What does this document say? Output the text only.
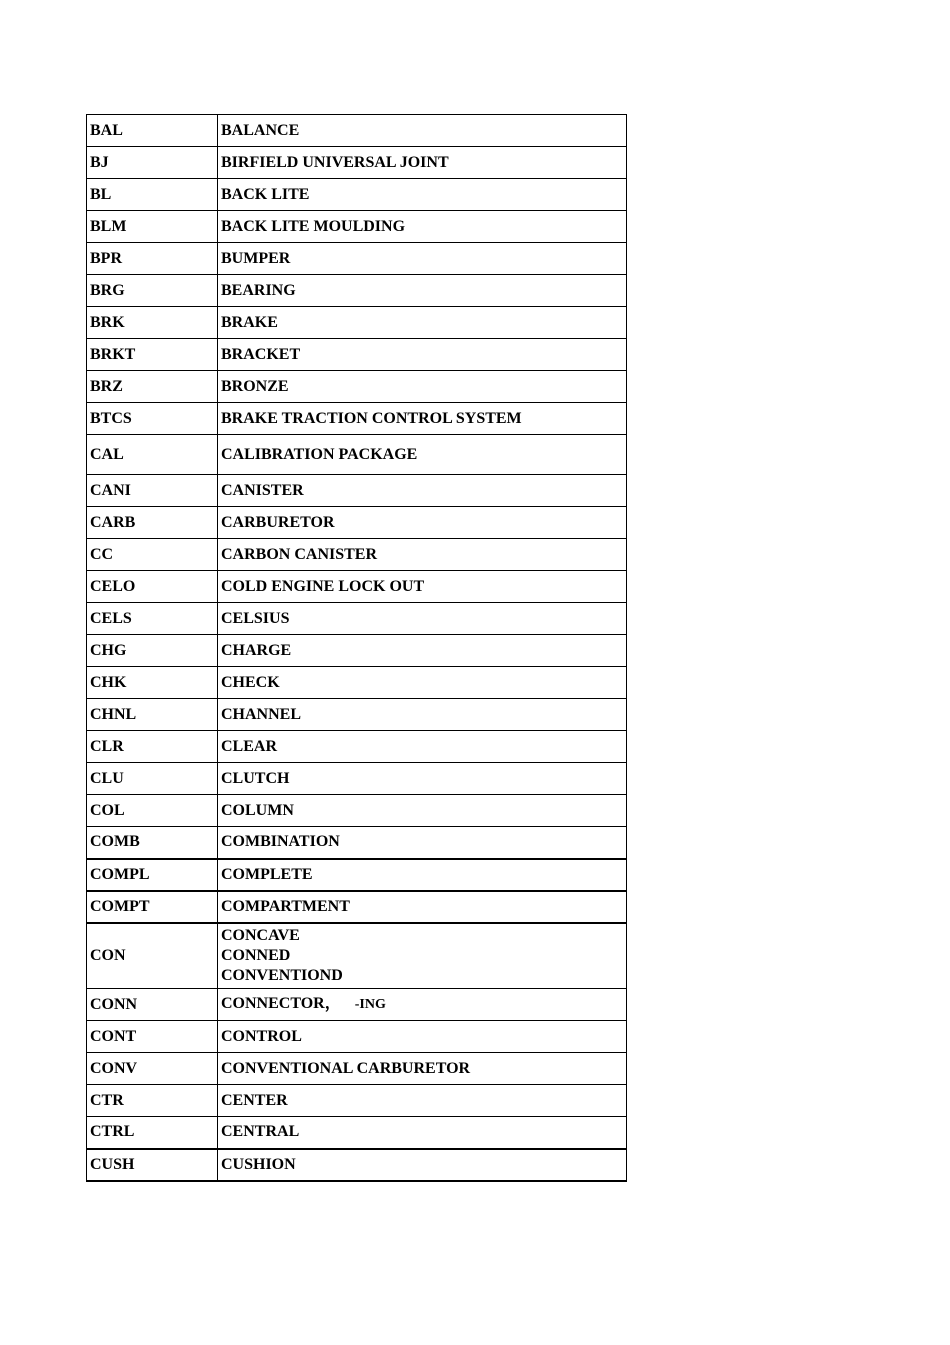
BAL	BALANCE
BJ	BIRFIELD UNIVERSAL JOINT
BL	BACK LITE
BLM	BACK LITE MOULDING
BPR	BUMPER
BRG	BEARING
BRK	BRAKE
BRKT	BRACKET
BRZ	BRONZE
BTCS	BRAKE TRACTION CONTROL SYSTEM
CAL	CALIBRATION PACKAGE
CANI	CANISTER
CARB	CARBURETOR
CC	CARBON CANISTER
CELO	COLD ENGINE LOCK OUT
CELS	CELSIUS
CHG	CHARGE
CHK	CHECK
CHNL	CHANNEL
CLR	CLEAR
CLU	CLUTCH
COL	COLUMN
COMB	COMBINATION
COMPL	COMPLETE
COMPT	COMPARTMENT
CON	CONCAVE
CONNED
CONVENTIOND

CONN	CONNECTOR， -ING
CONT	CONTROL
CONV	CONVENTIONAL CARBURETOR
CTR	CENTER
CTRL	CENTRAL
CUSH	CUSHION
